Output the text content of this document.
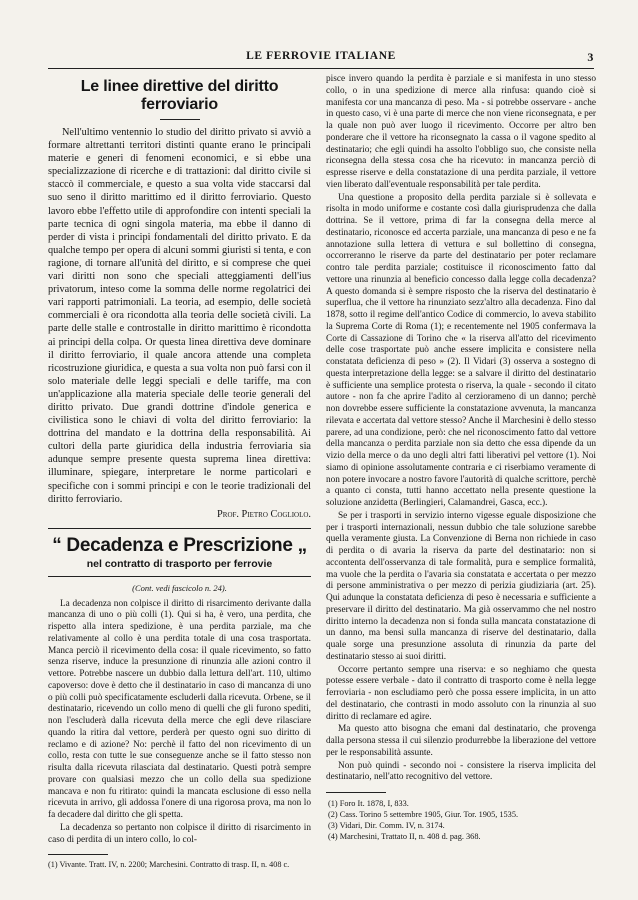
LE FERROVIE ITALIANE	3
Le linee direttive del diritto ferroviario

Nell'ultimo ventennio lo studio del diritto privato si avviò a formare altrettanti territori distinti quante erano le principali materie e generi di fenomeni economici, e si ebbe una specializzazione di ricerche e di trattazioni: dal diritto civile si staccò il commerciale, e questo a sua volta vide staccarsi dal suo seno il diritto marittimo ed il diritto ferroviario. Questo lavoro ebbe l'effetto utile di approfondire con intenti speciali la parte tecnica di ogni singola materia, ma ebbe il danno di perder di vista i principi fondamentali del diritto privato. E da qualche tempo per opera di alcuni sommi giuristi si tenta, e con ragione, di tornare all'unità del diritto, e si comprese che quei vari diritti non sono che speciali atteggiamenti dell'ius privatorum, inteso come la somma delle norme regolatrici dei vari rapporti patrimoniali. La teoria, ad esempio, delle società commerciali è ora ricondotta alla teoria delle società civili. La parte delle stalle e controstalle in diritto marittimo è ricondotta ai principi della colpa. Or questa linea direttiva deve dominare il diritto ferroviario, il quale ancora attende una completa ricostruzione giuridica, e questa a sua volta non può farsi con il solo materiale delle leggi speciali e delle tariffe, ma con un'applicazione alla materia speciale delle teorie generali del diritto privato. Due grandi dottrine d'indole generica e civilistica sono le chiavi di volta del diritto ferroviario: la dottrina del mandato e la dottrina della responsabilità. Ai cultori della parte giuridica della industria ferroviaria sia adunque sempre presente questa suprema linea direttiva: illuminare, spiegare, interpretare le norme particolari e specifiche con i sommi principi e con le teorie tradizionali del diritto ferroviario.

Prof. Pietro Cogliolo.
“ Decadenza e Prescrizione „
nel contratto di trasporto per ferrovie
(Cont. vedi fascicolo n. 24).

La decadenza non colpisce il diritto di risarcimento derivante dalla mancanza di uno o più colli (1). Qui si ha, è vero, una perdita, che rispetto alla intera spedizione, è una perdita parziale, ma che relativamente al collo è una perdita totale di una cosa trasportata. Manca perciò il ricevimento della cosa: il quale ricevimento, so fatto senza riserve, induce la presunzione di rinunzia alle azioni contro il vettore. Potrebbe nascere un dubbio dalla lettura dell'art. 110, ultimo capoverso: dove è detto che il destinatario in caso di mancanza di uno o più colli può specificatamente escluderli dalla ricevuta. Orbene, se il destinatario, ricevendo un collo meno di quelli che gli furono spediti, non l'escluderà dalla ricevuta della merce che egli deve rilasciare quando la ritira dal vettore, perderà per questo ogni suo diritto di reclamo e di azione? No: perchè il fatto del non ricevimento di un collo, resta con tutte le sue conseguenze anche se il fatto stesso non risulta dalla ricevuta rilasciata dal destinatario. Questi potrà sempre provare con qualsiasi mezzo che un collo della sua spedizione mancava e non fu ritirato: quindi la mancata esclusione di esso nella ricevuta in arrivo, gli addossa l'onere di una rigorosa prova, ma non lo fa decadere dal diritto che gli spetta.

La decadenza so pertanto non colpisce il diritto di risarcimento in caso di perdita di un intero collo, lo col-

(1) Vivante. Tratt. IV, n. 2200; Marchesini. Contratto di trasp. II, n. 408 c.

pisce invero quando la perdita è parziale e si manifesta in uno stesso collo, o in una spedizione di merce alla rinfusa: quando cioè si manifesta cor una mancanza di peso. Ma - si potrebbe osservare - anche in questo caso, vi è una parte di merce che non viene riconsegnata, e per la quale non può aver luogo il ricevimento. Occorre per altro ben ponderare che il vettore ha riconsegnato la cassa o il vagone spedito al destinatario; che egli quindi ha assolto l'obbligo suo, che consiste nella riconsegna della stessa cosa che ha ricevuto: in mancanza perciò di espresse riserve e della constatazione di una perdita parziale, il vettore vien liberato dall'eventuale responsabilità per tale perdita.

Una questione a proposito della perdita parziale si è sollevata e risolta in modo uniforme e costante così dalla giurisprudenza che dalla dottrina. Se il vettore, prima di far la consegna della merce al destinatario, riconosce ed accerta parziale, una mancanza di peso e ne fa annotazione sulla lettera di vettura e sul bollettino di consegna, occorreranno le riserve da parte del destinatario per poter reclamare contro tale perdita parziale; costituisce il riconoscimento fatto dal vettore una rinunzia al beneficio concesso dalla legge colla decadenza? A questo domanda si è sempre risposto che la riserva del destinatario è superflua, che il vettore ha rinunziato sezz'altro alla decadenza. Fino dal 1878, sotto il regime dell'antico Codice di commercio, lo aveva stabilito la Suprema Corte di Roma (1); e recentemente nel 1905 confermava la Corte di Cassazione di Torino che « la riserva all'atto del ricevimento delle cose trasportate può anche essere implicita e consistere nella constatata deficienza di peso » (2). Il Vidari (3) osserva a sostegno di questa interpretazione della legge: se a salvare il diritto del destinatario è sufficiente una semplice protesta o riserva, la quale - secondo il citato autore - non fa che aprire l'adito al cerziorameno di un danno; perchè non dovrebbe essere sufficiente la constatazione avvenuta, la mancanza rilevata e accertata dal vettore stesso? Anche il Marchesini è dello stesso parere, ad una condizione, però: che nel riconoscimento fatto dal vettore della mancanza o perdita parziale non sia detto che essa dipende da un vizio della merce o da uno degli altri fatti liberativi pel vettore (1). Noi siamo di opinione assolutamente contraria e ci riserbiamo veramente di non potere invocare a nostro favore l'autorità di qualche scrittore, perchè a quanto ci consta, tutti hanno accettato nella presente questione la soluzione anzidetta (Berlingieri, Calamandrei, Gasca, ecc.).

Se per i trasporti in servizio interno vigesse eguale disposizione che per i trasporti internazionali, nessun dubbio che tale soluzione sarebbe quella veramente giusta. La Convenzione di Berna non richiede in caso di perdita o di avaria la riserva da parte del destinatario: non si accontenta dell'osservanza di tale formalità, pura e semplice formalità, ma vuole che la perdita o l'avaria sia constatata e accertata o per mezzo di persone amministrativa o per mezzo di perizia giudiziaria (art. 25). Qui adunque la constatata deficienza di peso è necessaria e sufficiente a preservare il diritto del destinatario. Ma già osservammo che nel nostro diritto interno la decadenza non si fonda sulla mancata constatazione di un danno, ma bensì sulla mancanza di riserve del destinatario, dalla quale sorge una presunzione assoluta di rinunzia da parte del destinatario stesso ai suoi diritti.

Occorre pertanto sempre una riserva: e so neghiamo che questa potesse essere verbale - dato il contratto di trasporto come è nella legge ferroviaria - non escludiamo però che possa essere implicita, in un atto del destinatario, che contrasti in modo assoluto con la rinunzia al suo diritto di reclamare ed agire.

Ma questo atto bisogna che emani dal destinatario, che provenga dalla persona stessa il cui silenzio produrrebbe la liberazione del vettore per le responsabilità assunte.

Non può quindi - secondo noi - consistere la riserva implicita del destinatario, nell'atto recognitivo del vettore.

(1) Foro It. 1878, I, 833.

(2) Cass. Torino 5 settembre 1905, Giur. Tor. 1905, 1535.

(3) Vidari, Dir. Comm. IV, n. 3174.

(4) Marchesini, Trattato II, n. 408 d. pag. 368.
